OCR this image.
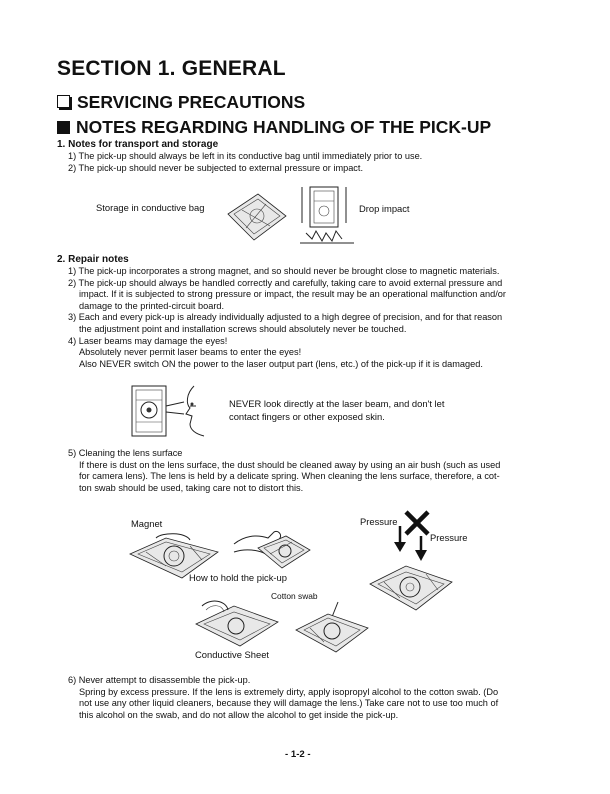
SECTION 1. GENERAL
SERVICING PRECAUTIONS
NOTES REGARDING HANDLING OF THE PICK-UP
1. Notes for transport and storage
1) The pick-up should always be left in its conductive bag until immediately prior to use.
2) The pick-up should never be subjected to external pressure or impact.
Storage in conductive bag	Drop impact
2. Repair notes
1) The pick-up incorporates a strong magnet, and so should never be brought close to magnetic materials.
2) The pick-up should always be handled correctly and carefully, taking care to avoid external pressure and
impact. If it is subjected to strong pressure or impact, the result may be an operational malfunction and/or
damage to the printed-circuit board.
3) Each and every pick-up is already individually adjusted to a high degree of precision, and for that reason
the adjustment point and installation screws should absolutely never be touched.
4) Laser beams may damage the eyes!
Absolutely never permit laser beams to enter the eyes!
Also NEVER switch ON the power to the laser output part (lens, etc.) of the pick-up if it is damaged.
NEVER look directly at the laser beam, and don't let
contact fingers or other exposed skin.
5) Cleaning the lens surface
If there is dust on the lens surface, the dust should be cleaned away by using an air bush (such as used
for camera lens). The lens is held by a delicate spring. When cleaning the lens surface, therefore, a cot-
ton swab should be used, taking care not to distort this.
Magnet
How to hold the pick-up
Pressure
Pressure
Cotton swab
Conductive Sheet
6) Never attempt to disassemble the pick-up.
Spring by excess pressure. If the lens is extremely dirty, apply isopropyl alcohol to the cotton swab. (Do
not use any other liquid cleaners, because they will damage the lens.) Take care not to use too much of
this alcohol on the swab, and do not allow the alcohol to get inside the pick-up.
- 1-2 -
